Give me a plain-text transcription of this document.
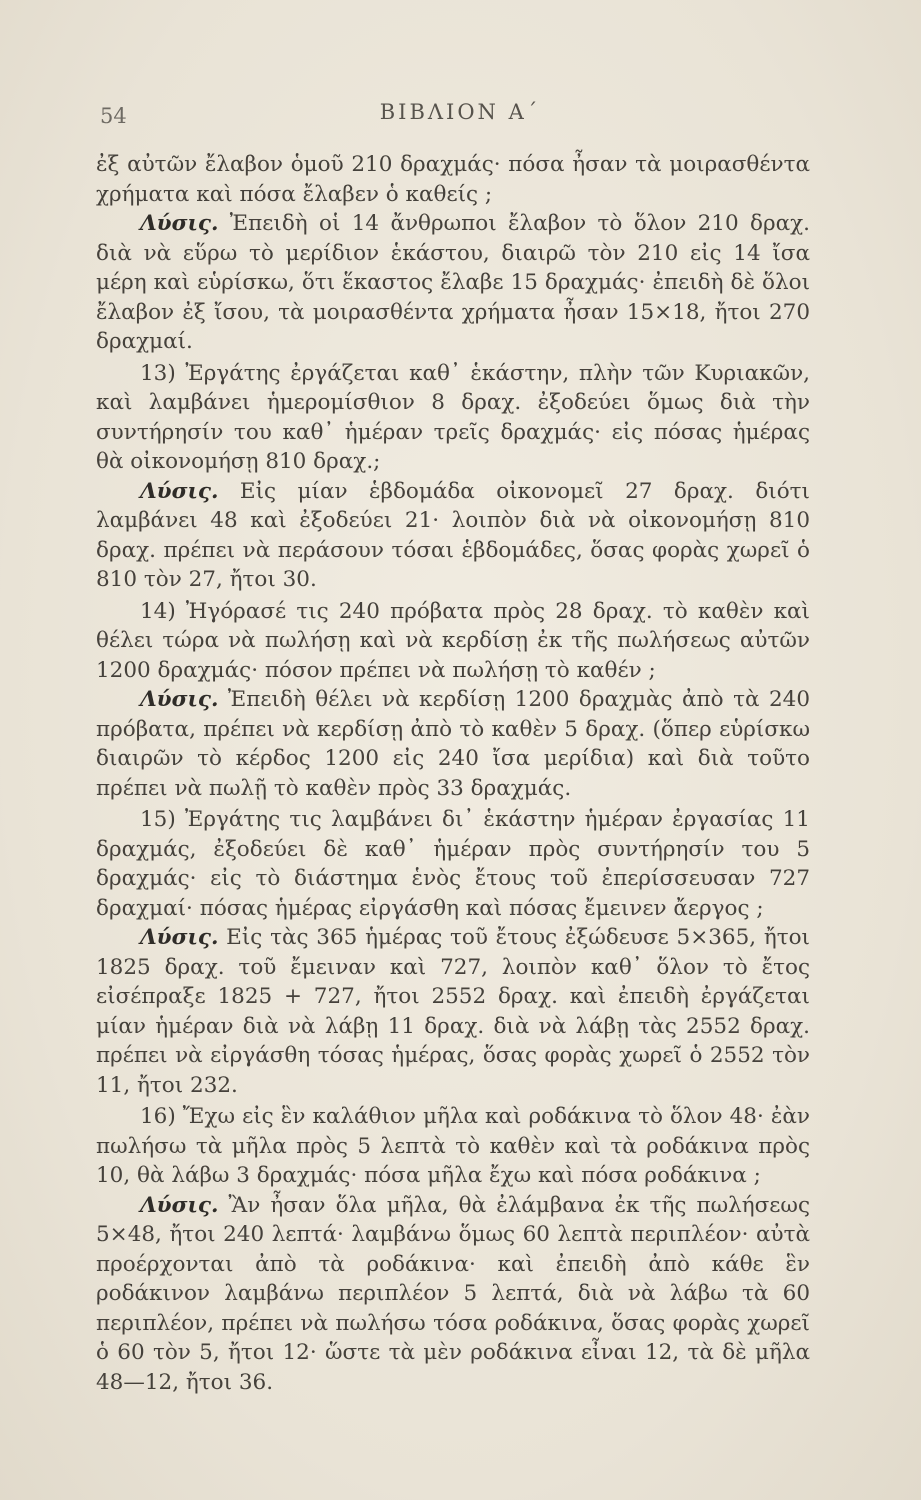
54	ΒΙΒΛΙΟΝ Α΄

ἐξ αὐτῶν ἔλαβον ὁμοῦ 210 δραχμάς· πόσα ἦσαν τὰ μοιρασθέντα χρήματα καὶ πόσα ἔλαβεν ὁ καθείς ;

Λύσις. Ἐπειδὴ οἱ 14 ἄνθρωποι ἔλαβον τὸ ὅλον 210 δραχ. διὰ νὰ εὕρω τὸ μερίδιον ἑκάστου, διαιρῶ τὸν 210 εἰς 14 ἴσα μέρη καὶ εὑρίσκω, ὅτι ἕκαστος ἔλαβε 15 δραχμάς· ἐπειδὴ δὲ ὅλοι ἔλαβον ἐξ ἴσου, τὰ μοιρασθέντα χρήματα ἦσαν 15×18, ἤτοι 270 δραχμαί.

13) Ἐργάτης ἐργάζεται καθ᾽ ἑκάστην, πλὴν τῶν Κυριακῶν, καὶ λαμβάνει ἡμερομίσθιον 8 δραχ. ἐξοδεύει ὅμως διὰ τὴν συντήρησίν του καθ᾽ ἡμέραν τρεῖς δραχμάς· εἰς πόσας ἡμέρας θὰ οἰκονομήσῃ 810 δραχ.;

Λύσις. Εἰς μίαν ἑβδομάδα οἰκονομεῖ 27 δραχ. διότι λαμβάνει 48 καὶ ἐξοδεύει 21· λοιπὸν διὰ νὰ οἰκονομήσῃ 810 δραχ. πρέπει νὰ περάσουν τόσαι ἑβδομάδες, ὅσας φορὰς χωρεῖ ὁ 810 τὸν 27, ἤτοι 30.

14) Ἠγόρασέ τις 240 πρόβατα πρὸς 28 δραχ. τὸ καθὲν καὶ θέλει τώρα νὰ πωλήσῃ καὶ νὰ κερδίσῃ ἐκ τῆς πωλήσεως αὐτῶν 1200 δραχμάς· πόσον πρέπει νὰ πωλήσῃ τὸ καθέν ;

Λύσις. Ἐπειδὴ θέλει νὰ κερδίσῃ 1200 δραχμὰς ἀπὸ τὰ 240 πρόβατα, πρέπει νὰ κερδίσῃ ἀπὸ τὸ καθὲν 5 δραχ. (ὅπερ εὑρίσκω διαιρῶν τὸ κέρδος 1200 εἰς 240 ἴσα μερίδια) καὶ διὰ τοῦτο πρέπει νὰ πωλῇ τὸ καθὲν πρὸς 33 δραχμάς.

15) Ἐργάτης τις λαμβάνει δι᾽ ἑκάστην ἡμέραν ἐργασίας 11 δραχμάς, ἐξοδεύει δὲ καθ᾽ ἡμέραν πρὸς συντήρησίν του 5 δραχμάς· εἰς τὸ διάστημα ἑνὸς ἔτους τοῦ ἐπερίσσευσαν 727 δραχμαί· πόσας ἡμέρας εἰργάσθη καὶ πόσας ἔμεινεν ἄεργος ;

Λύσις. Εἰς τὰς 365 ἡμέρας τοῦ ἔτους ἐξώδευσε 5×365, ἤτοι 1825 δραχ. τοῦ ἔμειναν καὶ 727, λοιπὸν καθ᾽ ὅλον τὸ ἔτος εἰσέπραξε 1825 + 727, ἤτοι 2552 δραχ. καὶ ἐπειδὴ ἐργάζεται μίαν ἡμέραν διὰ νὰ λάβῃ 11 δραχ. διὰ νὰ λάβῃ τὰς 2552 δραχ. πρέπει νὰ εἰργάσθη τόσας ἡμέρας, ὅσας φορὰς χωρεῖ ὁ 2552 τὸν 11, ἤτοι 232.

16) Ἔχω εἰς ἓν καλάθιον μῆλα καὶ ροδάκινα τὸ ὅλον 48· ἐὰν πωλήσω τὰ μῆλα πρὸς 5 λεπτὰ τὸ καθὲν καὶ τὰ ροδάκινα πρὸς 10, θὰ λάβω 3 δραχμάς· πόσα μῆλα ἔχω καὶ πόσα ροδάκινα ;

Λύσις. Ἂν ἦσαν ὅλα μῆλα, θὰ ἐλάμβανα ἐκ τῆς πωλήσεως 5×48, ἤτοι 240 λεπτά· λαμβάνω ὅμως 60 λεπτὰ περιπλέον· αὐτὰ προέρχονται ἀπὸ τὰ ροδάκινα· καὶ ἐπειδὴ ἀπὸ κάθε ἓν ροδάκινον λαμβάνω περιπλέον 5 λεπτά, διὰ νὰ λάβω τὰ 60 περιπλέον, πρέπει νὰ πωλήσω τόσα ροδάκινα, ὅσας φορὰς χωρεῖ ὁ 60 τὸν 5, ἤτοι 12· ὥστε τὰ μὲν ροδάκινα εἶναι 12, τὰ δὲ μῆλα 48—12, ἤτοι 36.
